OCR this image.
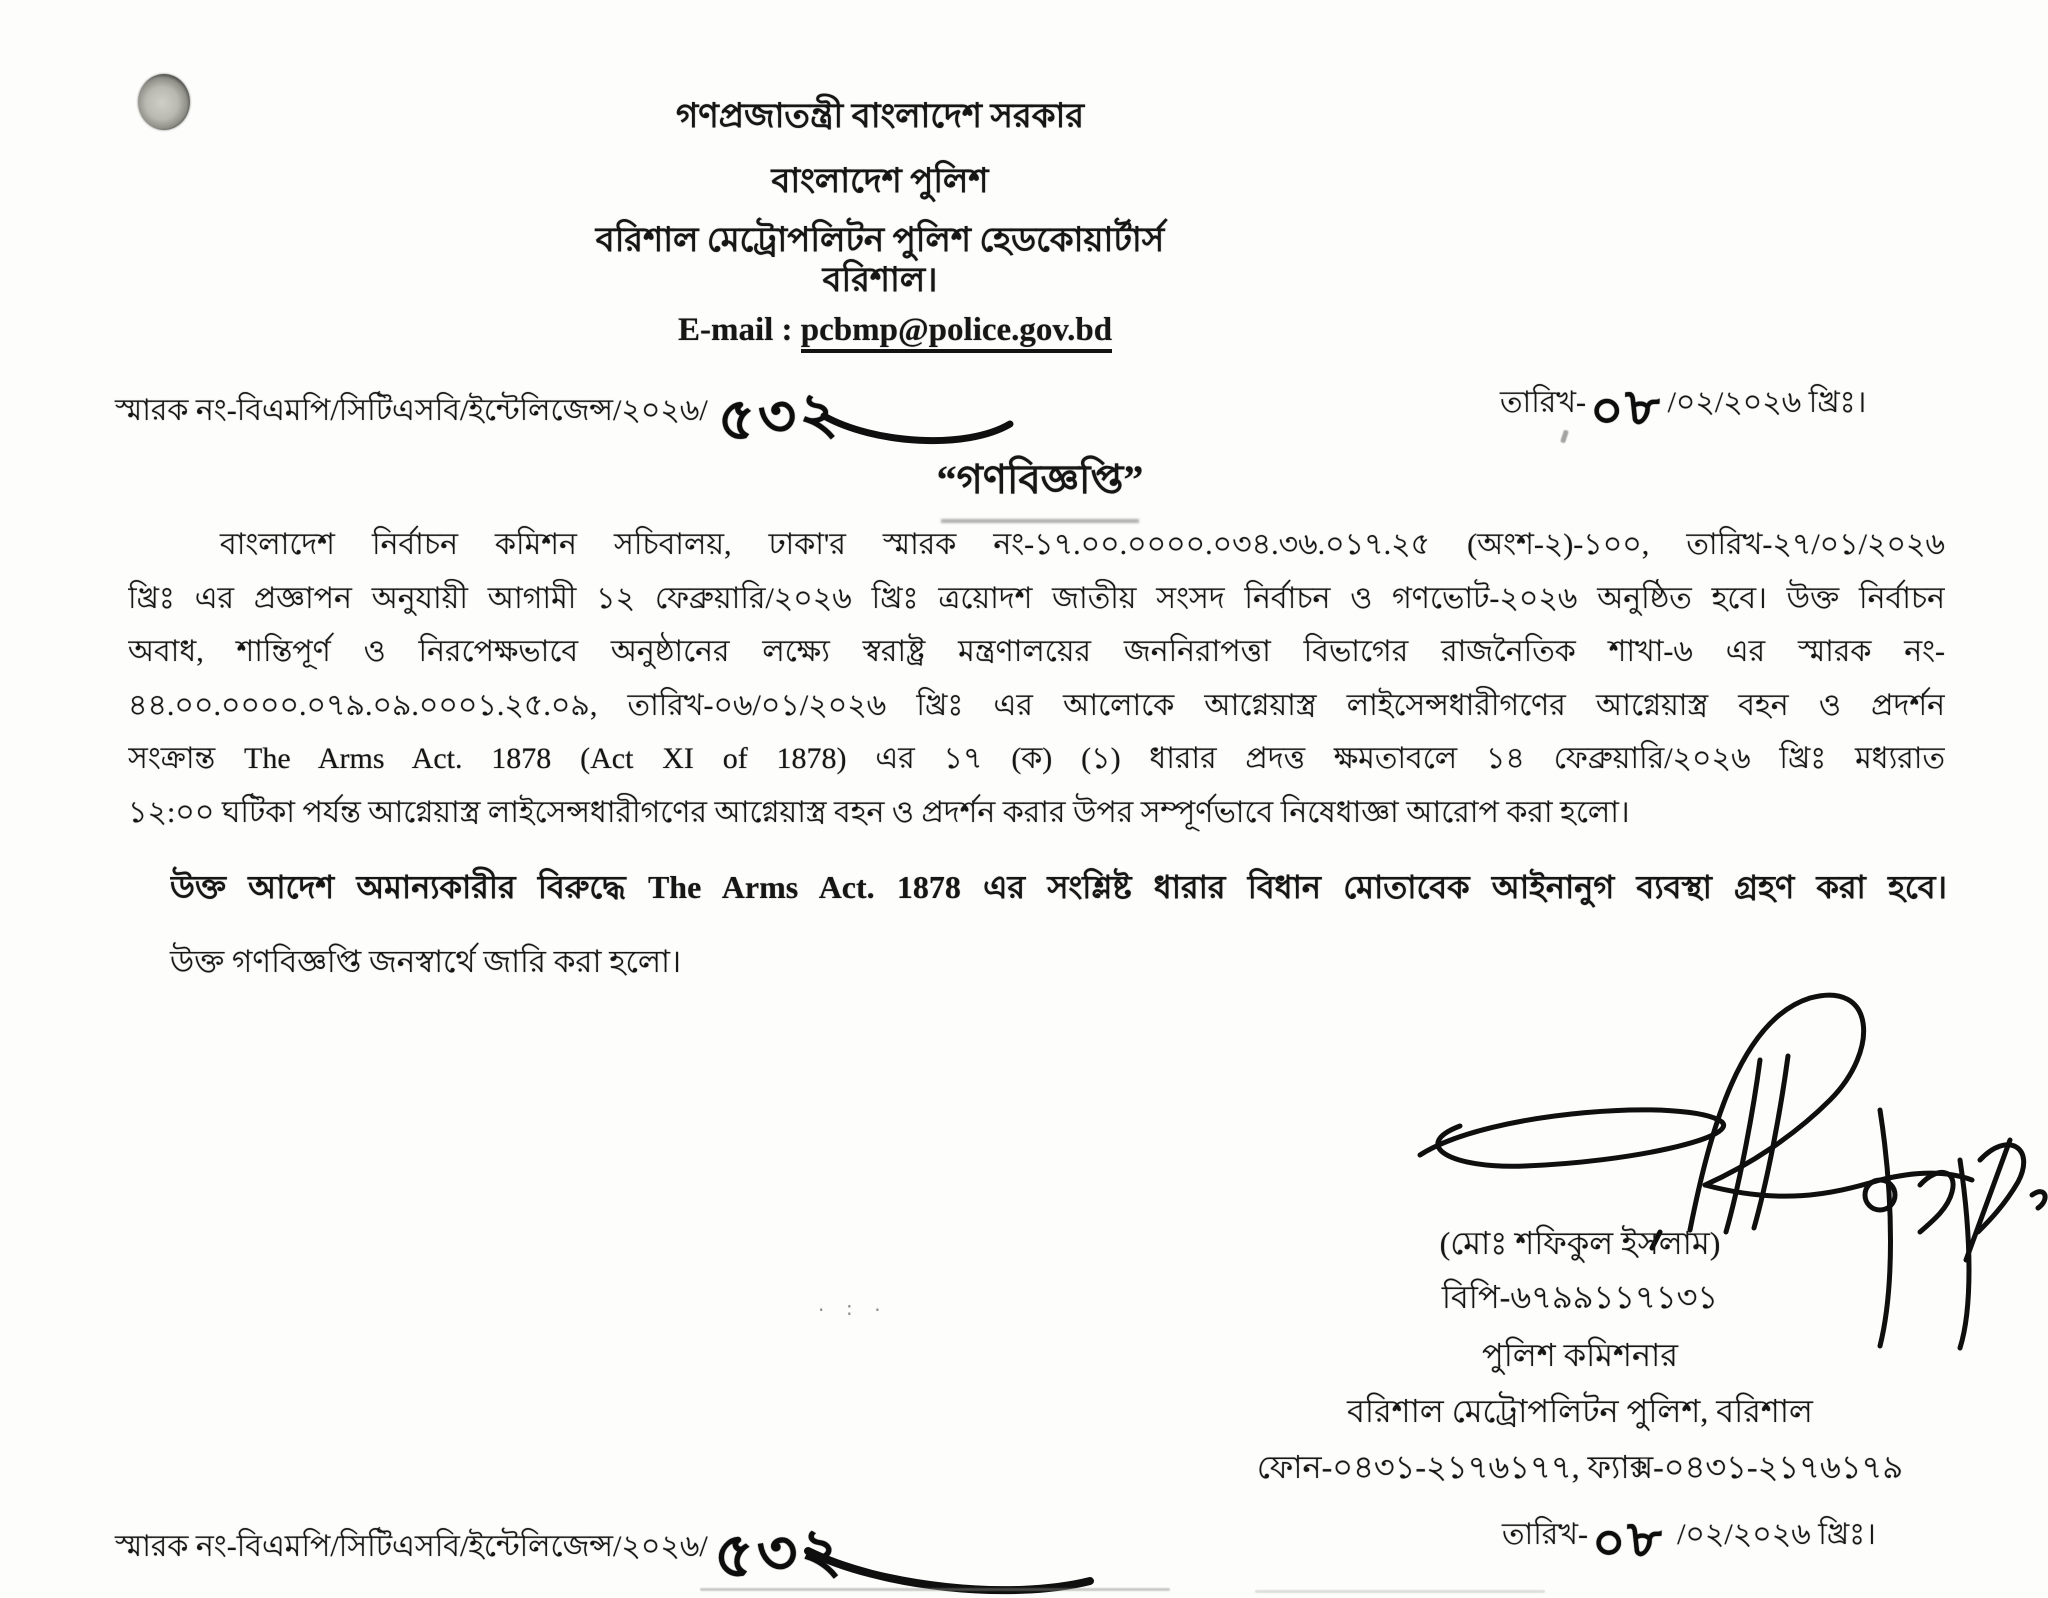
গণপ্রজাতন্ত্রী বাংলাদেশ সরকার
বাংলাদেশ পুলিশ
বরিশাল মেট্রোপলিটন পুলিশ হেডকোয়ার্টার্স
বরিশাল।
E-mail : pcbmp@police.gov.bd
স্মারক নং-বিএমপি/সিটিএসবি/ইন্টেলিজেন্স/২০২৬/ ৫৩২	তারিখ-০৮/০২/২০২৬ খ্রিঃ।
“গণবিজ্ঞপ্তি”
বাংলাদেশ নির্বাচন কমিশন সচিবালয়, ঢাকা'র স্মারক নং-১৭.০০.০০০০.০৩৪.৩৬.০১৭.২৫ (অংশ-২)-১০০, তারিখ-২৭/০১/২০২৬
খ্রিঃ এর প্রজ্ঞাপন অনুযায়ী আগামী ১২ ফেব্রুয়ারি/২০২৬ খ্রিঃ ত্রয়োদশ জাতীয় সংসদ নির্বাচন ও গণভোট-২০২৬ অনুষ্ঠিত হবে। উক্ত নির্বাচন
অবাধ, শান্তিপূর্ণ ও নিরপেক্ষভাবে অনুষ্ঠানের লক্ষ্যে স্বরাষ্ট্র মন্ত্রণালয়ের জননিরাপত্তা বিভাগের রাজনৈতিক শাখা-৬ এর স্মারক নং-
৪৪.০০.০০০০.০৭৯.০৯.০০০১.২৫.০৯, তারিখ-০৬/০১/২০২৬ খ্রিঃ এর আলোকে আগ্নেয়াস্ত্র লাইসেন্সধারীগণের আগ্নেয়াস্ত্র বহন ও প্রদর্শন
সংক্রান্ত The Arms Act. 1878 (Act XI of 1878) এর ১৭ (ক) (১) ধারার প্রদত্ত ক্ষমতাবলে ১৪ ফেব্রুয়ারি/২০২৬ খ্রিঃ মধ্যরাত
১২:০০ ঘটিকা পর্যন্ত আগ্নেয়াস্ত্র লাইসেন্সধারীগণের আগ্নেয়াস্ত্র বহন ও প্রদর্শন করার উপর সম্পূর্ণভাবে নিষেধাজ্ঞা আরোপ করা হলো।
উক্ত আদেশ অমান্যকারীর বিরুদ্ধে The Arms Act. 1878 এর সংশ্লিষ্ট ধারার বিধান মোতাবেক আইনানুগ ব্যবস্থা গ্রহণ করা হবে।
উক্ত গণবিজ্ঞপ্তি জনস্বার্থে জারি করা হলো।
(মোঃ শফিকুল ইসলাম)
বিপি-৬৭৯৯১১৭১৩১
পুলিশ কমিশনার
বরিশাল মেট্রোপলিটন পুলিশ, বরিশাল
ফোন-০৪৩১-২১৭৬১৭৭, ফ্যাক্স-০৪৩১-২১৭৬১৭৯
· ∶ ·
স্মারক নং-বিএমপি/সিটিএসবি/ইন্টেলিজেন্স/২০২৬/৫৩২	তারিখ-০৮ /০২/২০২৬ খ্রিঃ।
